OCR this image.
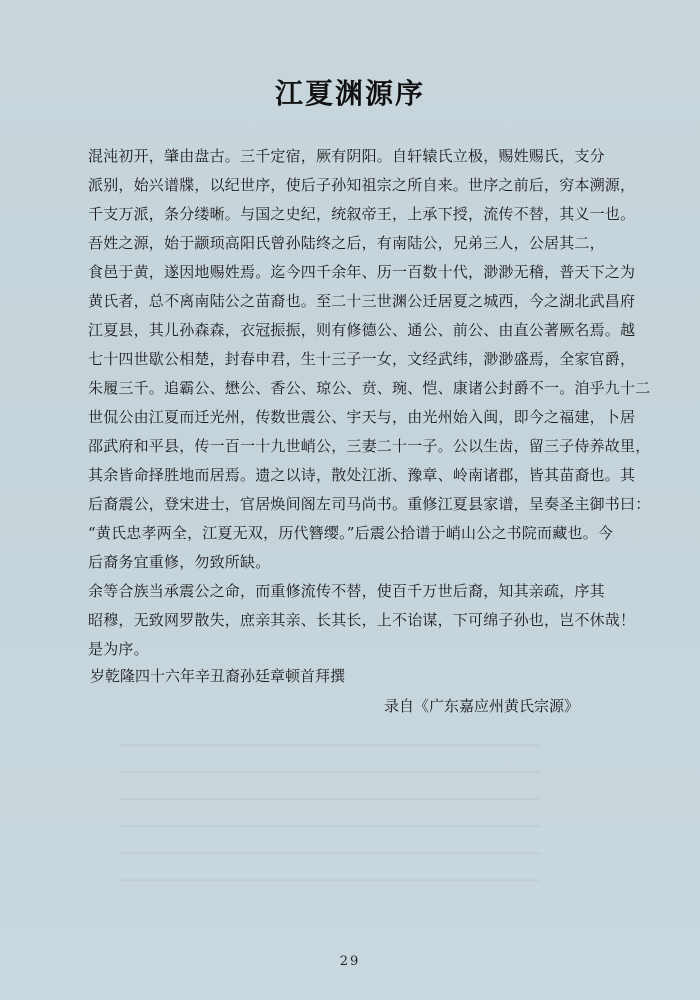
江夏渊源序

混沌初开，肇由盘古。三千定宿，厥有阴阳。自轩辕氏立极，赐姓赐氏，支分
派别，始兴谱牒，以纪世序，使后子孙知祖宗之所自来。世序之前后，穷本溯源，
千支万派，条分缕晰。与国之史纪，统叙帝王，上承下授，流传不替，其义一也。

吾姓之源，始于颛顼高阳氏曾孙陆终之后，有南陆公，兄弟三人，公居其二，
食邑于黄，遂因地赐姓焉。迄今四千余年、历一百数十代，渺渺无稽，普天下之为
黄氏者，总不离南陆公之苗裔也。至二十三世渊公迁居夏之城西，今之湖北武昌府
江夏县，其儿孙森森，衣冠振振，则有修德公、通公、前公、由直公著厥名焉。越
七十四世歇公相楚，封春申君，生十三子一女，文经武纬，渺渺盛焉，全家官爵，
朱履三千。追霸公、懋公、香公、琼公、贲、琬、恺、康诸公封爵不一。洎乎九十二
世侃公由江夏而迁光州，传数世震公、宇天与，由光州始入闽，即今之福建，卜居
邵武府和平县，传一百一十九世峭公，三妻二十一子。公以生齿，留三子侍养故里，
其余皆命择胜地而居焉。遗之以诗，散处江浙、豫章、岭南诸郡，皆其苗裔也。其
后裔震公，登宋进士，官居焕间阁左司马尚书。重修江夏县家谱，呈奏圣主御书曰：
“黄氏忠孝两全，江夏无双，历代簪缨。”后震公拾谱于峭山公之书院而藏也。今
后裔务宜重修，勿致所缺。

余等合族当承震公之命，而重修流传不替，使百千万世后裔，知其亲疏，序其
昭穆，无致网罗散失，庶亲其亲、长其长，上不诒谋，下可绵子孙也，岂不休哉！
是为序。

岁乾隆四十六年辛丑裔孙廷章顿首拜撰

录自《广东嘉应州黄氏宗源》

29
